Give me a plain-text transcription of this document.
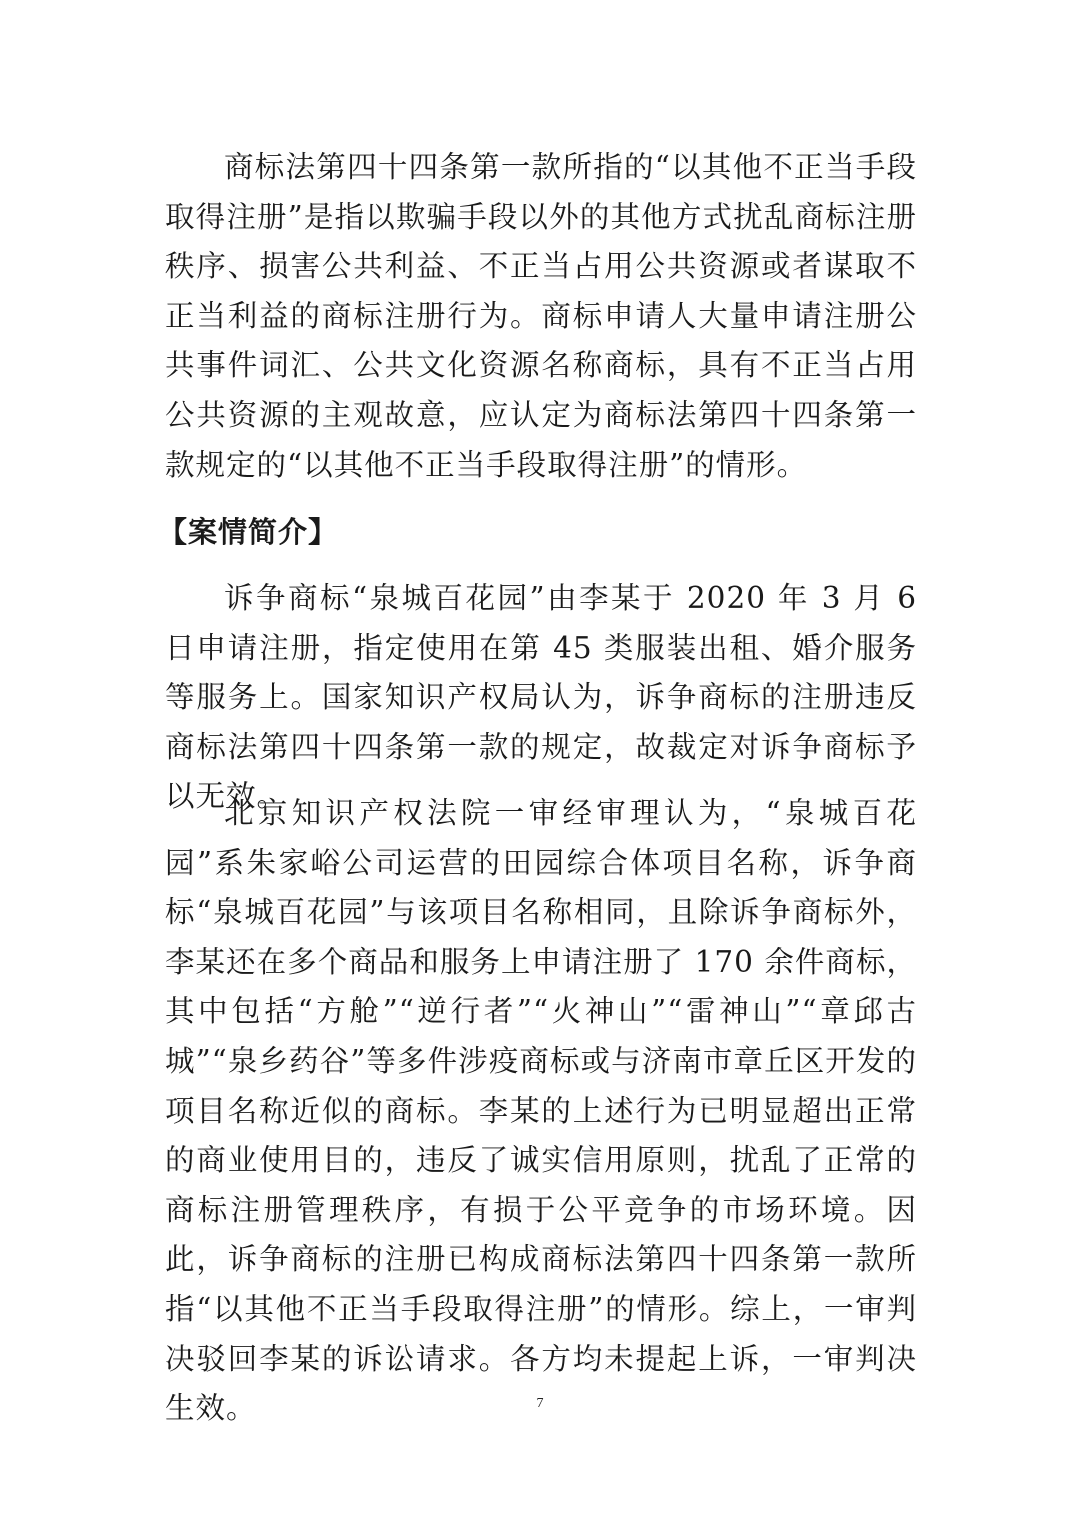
商标法第四十四条第一款所指的“以其他不正当手段取得注册”是指以欺骗手段以外的其他方式扰乱商标注册秩序、损害公共利益、不正当占用公共资源或者谋取不正当利益的商标注册行为。商标申请人大量申请注册公共事件词汇、公共文化资源名称商标，具有不正当占用公共资源的主观故意，应认定为商标法第四十四条第一款规定的“以其他不正当手段取得注册”的情形。

【案情简介】

诉争商标“泉城百花园”由李某于 2020 年 3 月 6 日申请注册，指定使用在第 45 类服装出租、婚介服务等服务上。国家知识产权局认为，诉争商标的注册违反商标法第四十四条第一款的规定，故裁定对诉争商标予以无效。

北京知识产权法院一审经审理认为，“泉城百花园”系朱家峪公司运营的田园综合体项目名称，诉争商标“泉城百花园”与该项目名称相同，且除诉争商标外，李某还在多个商品和服务上申请注册了 170 余件商标，其中包括“方舱”“逆行者”“火神山”“雷神山”“章邱古城”“泉乡药谷”等多件涉疫商标或与济南市章丘区开发的项目名称近似的商标。李某的上述行为已明显超出正常的商业使用目的，违反了诚实信用原则，扰乱了正常的商标注册管理秩序，有损于公平竞争的市场环境。因此，诉争商标的注册已构成商标法第四十四条第一款所指“以其他不正当手段取得注册”的情形。综上，一审判决驳回李某的诉讼请求。各方均未提起上诉，一审判决生效。	7
